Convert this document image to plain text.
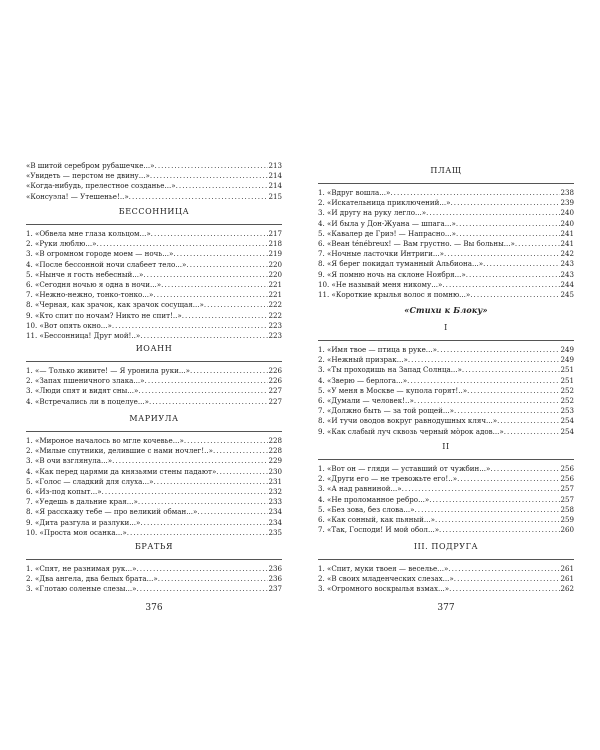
«В шитой серебром рубашечке...» . . .	213
«Увидеть — перстом не двину...» . . .	214
«Когда-нибудь, прелестное созданье...» . . .	214
«Консуэла! — Утешенье!..» . . .	215
БЕССОННИЦА
1. «Обвела мне глаза кольцом...» . . .	217
2. «Руки люблю...» . . .	218
3. «В огромном городе моем — ночь...» . . .	219
4. «После бессонной ночи слабеет тело...» . . .	220
5. «Нынче я гость небесный...» . . .	220
6. «Сегодня ночью я одна в ночи...» . . .	221
7. «Нежно-нежно, тонко-тонко...» . . .	221
8. «Черная, как зрачок, как зрачок сосущая...» . . .	222
9. «Кто спит по ночам? Никто не спит!..» . . .	222
10. «Вот опять окно...» . . .	223
11. «Бессонница! Друг мой!..» . . .	223
ИОАНН
1. «— Только живите! — Я уронила руки...» . . .	226
2. «Запах пшеничного злака...» . . .	226
3. «Люди спят и видят сны...» . . .	227
4. «Встречались ли в поцелуе...» . . .	227
МАРИУЛА
1. «Мироное началось во мгле кочевье...» . . .	228
2. «Милые спутники, делившие с нами ночлег!..» . . .	228
3. «В очи взглянула...» . . .	229
4. «Как перед царями да князьями стены падают» . . .	230
5. «Голос — сладкий для слуха...» . . .	231
6. «Из-под копыт...» . . .	232
7. «Уедешь в дальние края...» . . .	233
8. «Я расскажу тебе — про великий обман...» . . .	234
9. «Дита разгула и разлуки...» . . .	234
10. «Проста моя осанка...» . . .	235
БРАТЬЯ
1. «Спят, не разнимая рук...» . . .	236
2. «Два ангела, два белых брата...» . . .	236
3. «Глотаю соленые слезы...» . . .	237
376
ПЛАЩ
1. «Вдруг вошла...» . . .	238
2. «Искательница приключений...» . . .	239
3. «И другу на руку легло...» . . .	240
4. «И была у Дон-Жуана — шпага...» . . .	240
5. «Кавалер де Гриэ! — Напрасно...» . . .	241
6. «Веан ténébreux! — Вам грустно. — Вы больны...» . . .	241
7. «Ночные ласточки Интриги...» . . .	242
8. «Я берег покидал туманный Альбиона...» . . .	243
9. «Я помню ночь на склоне Ноября...» . . .	243
10. «Не называй меня никому...» . . .	244
11. «Короткие крылья волос я помню...» . . .	245
«Стихи к Блоку»
I
1. «Имя твое — птица в руке...» . . .	249
2. «Нежный призрак...» . . .	249
3. «Ты проходишь на Запад Солнца...» . . .	251
4. «Зверю — берлога...» . . .	251
5. «У меня в Москве — купола горят!..» . . .	252
6. «Думали — человек!..» . . .	252
7. «Должно быть — за той рощей...» . . .	253
8. «И тучи оводов вокруг равнодушных кляч...» . . .	254
9. «Как слабый луч сквозь черный мòрок адов...» . . .	254
II
1. «Вот он — гляди — уставший от чужбин...» . . .	256
2. «Други его — не тревожьте его!..» . . .	256
3. «А над равниной...» . . .	257
4. «Не проломанное ребро...» . . .	257
5. «Без зова, без слова...» . . .	258
6. «Как сонный, как пьяный...» . . .	259
7. «Так, Господи! И мой обол...» . . .	260
III. ПОДРУГА
1. «Спит, муки твоея — веселье...» . . .	261
2. «В своих младенческих слезах...» . . .	261
3. «Огромного воскрылья взмах...» . . .	262
377
